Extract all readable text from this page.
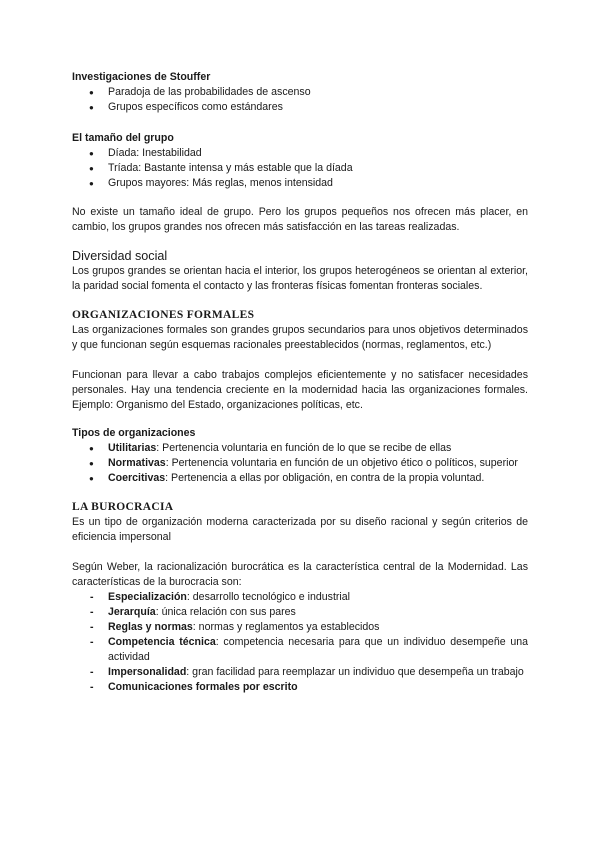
Investigaciones de Stouffer

● Paradoja de las probabilidades de ascenso
● Grupos específicos como estándares

El tamaño del grupo

● Díada: Inestabilidad
● Tríada: Bastante intensa y más estable que la díada
● Grupos mayores: Más reglas, menos intensidad

No existe un tamaño ideal de grupo. Pero los grupos pequeños nos ofrecen más placer, en cambio, los grupos grandes nos ofrecen más satisfacción en las tareas realizadas.

Diversidad social

Los grupos grandes se orientan hacia el interior, los grupos heterogéneos se orientan al exterior, la paridad social fomenta el contacto y las fronteras físicas fomentan fronteras sociales.

ORGANIZACIONES FORMALES

Las organizaciones formales son grandes grupos secundarios para unos objetivos determinados y que funcionan según esquemas racionales preestablecidos (normas, reglamentos, etc.)

Funcionan para llevar a cabo trabajos complejos eficientemente y no satisfacer necesidades personales. Hay una tendencia creciente en la modernidad hacia las organizaciones formales. Ejemplo: Organismo del Estado, organizaciones políticas, etc.

Tipos de organizaciones

● Utilitarias: Pertenencia voluntaria en función de lo que se recibe de ellas
● Normativas: Pertenencia voluntaria en función de un objetivo ético o políticos, superior
● Coercitivas: Pertenencia a ellas por obligación, en contra de la propia voluntad.

LA BUROCRACIA

Es un tipo de organización moderna caracterizada por su diseño racional y según criterios de eficiencia impersonal

Según Weber, la racionalización burocrática es la característica central de la Modernidad. Las características de la burocracia son:

- Especialización: desarrollo tecnológico e industrial
- Jerarquía: única relación con sus pares
- Reglas y normas: normas y reglamentos ya establecidos
- Competencia técnica: competencia necesaria para que un individuo desempeñe una actividad
- Impersonalidad: gran facilidad para reemplazar un individuo que desempeña un trabajo
- Comunicaciones formales por escrito
